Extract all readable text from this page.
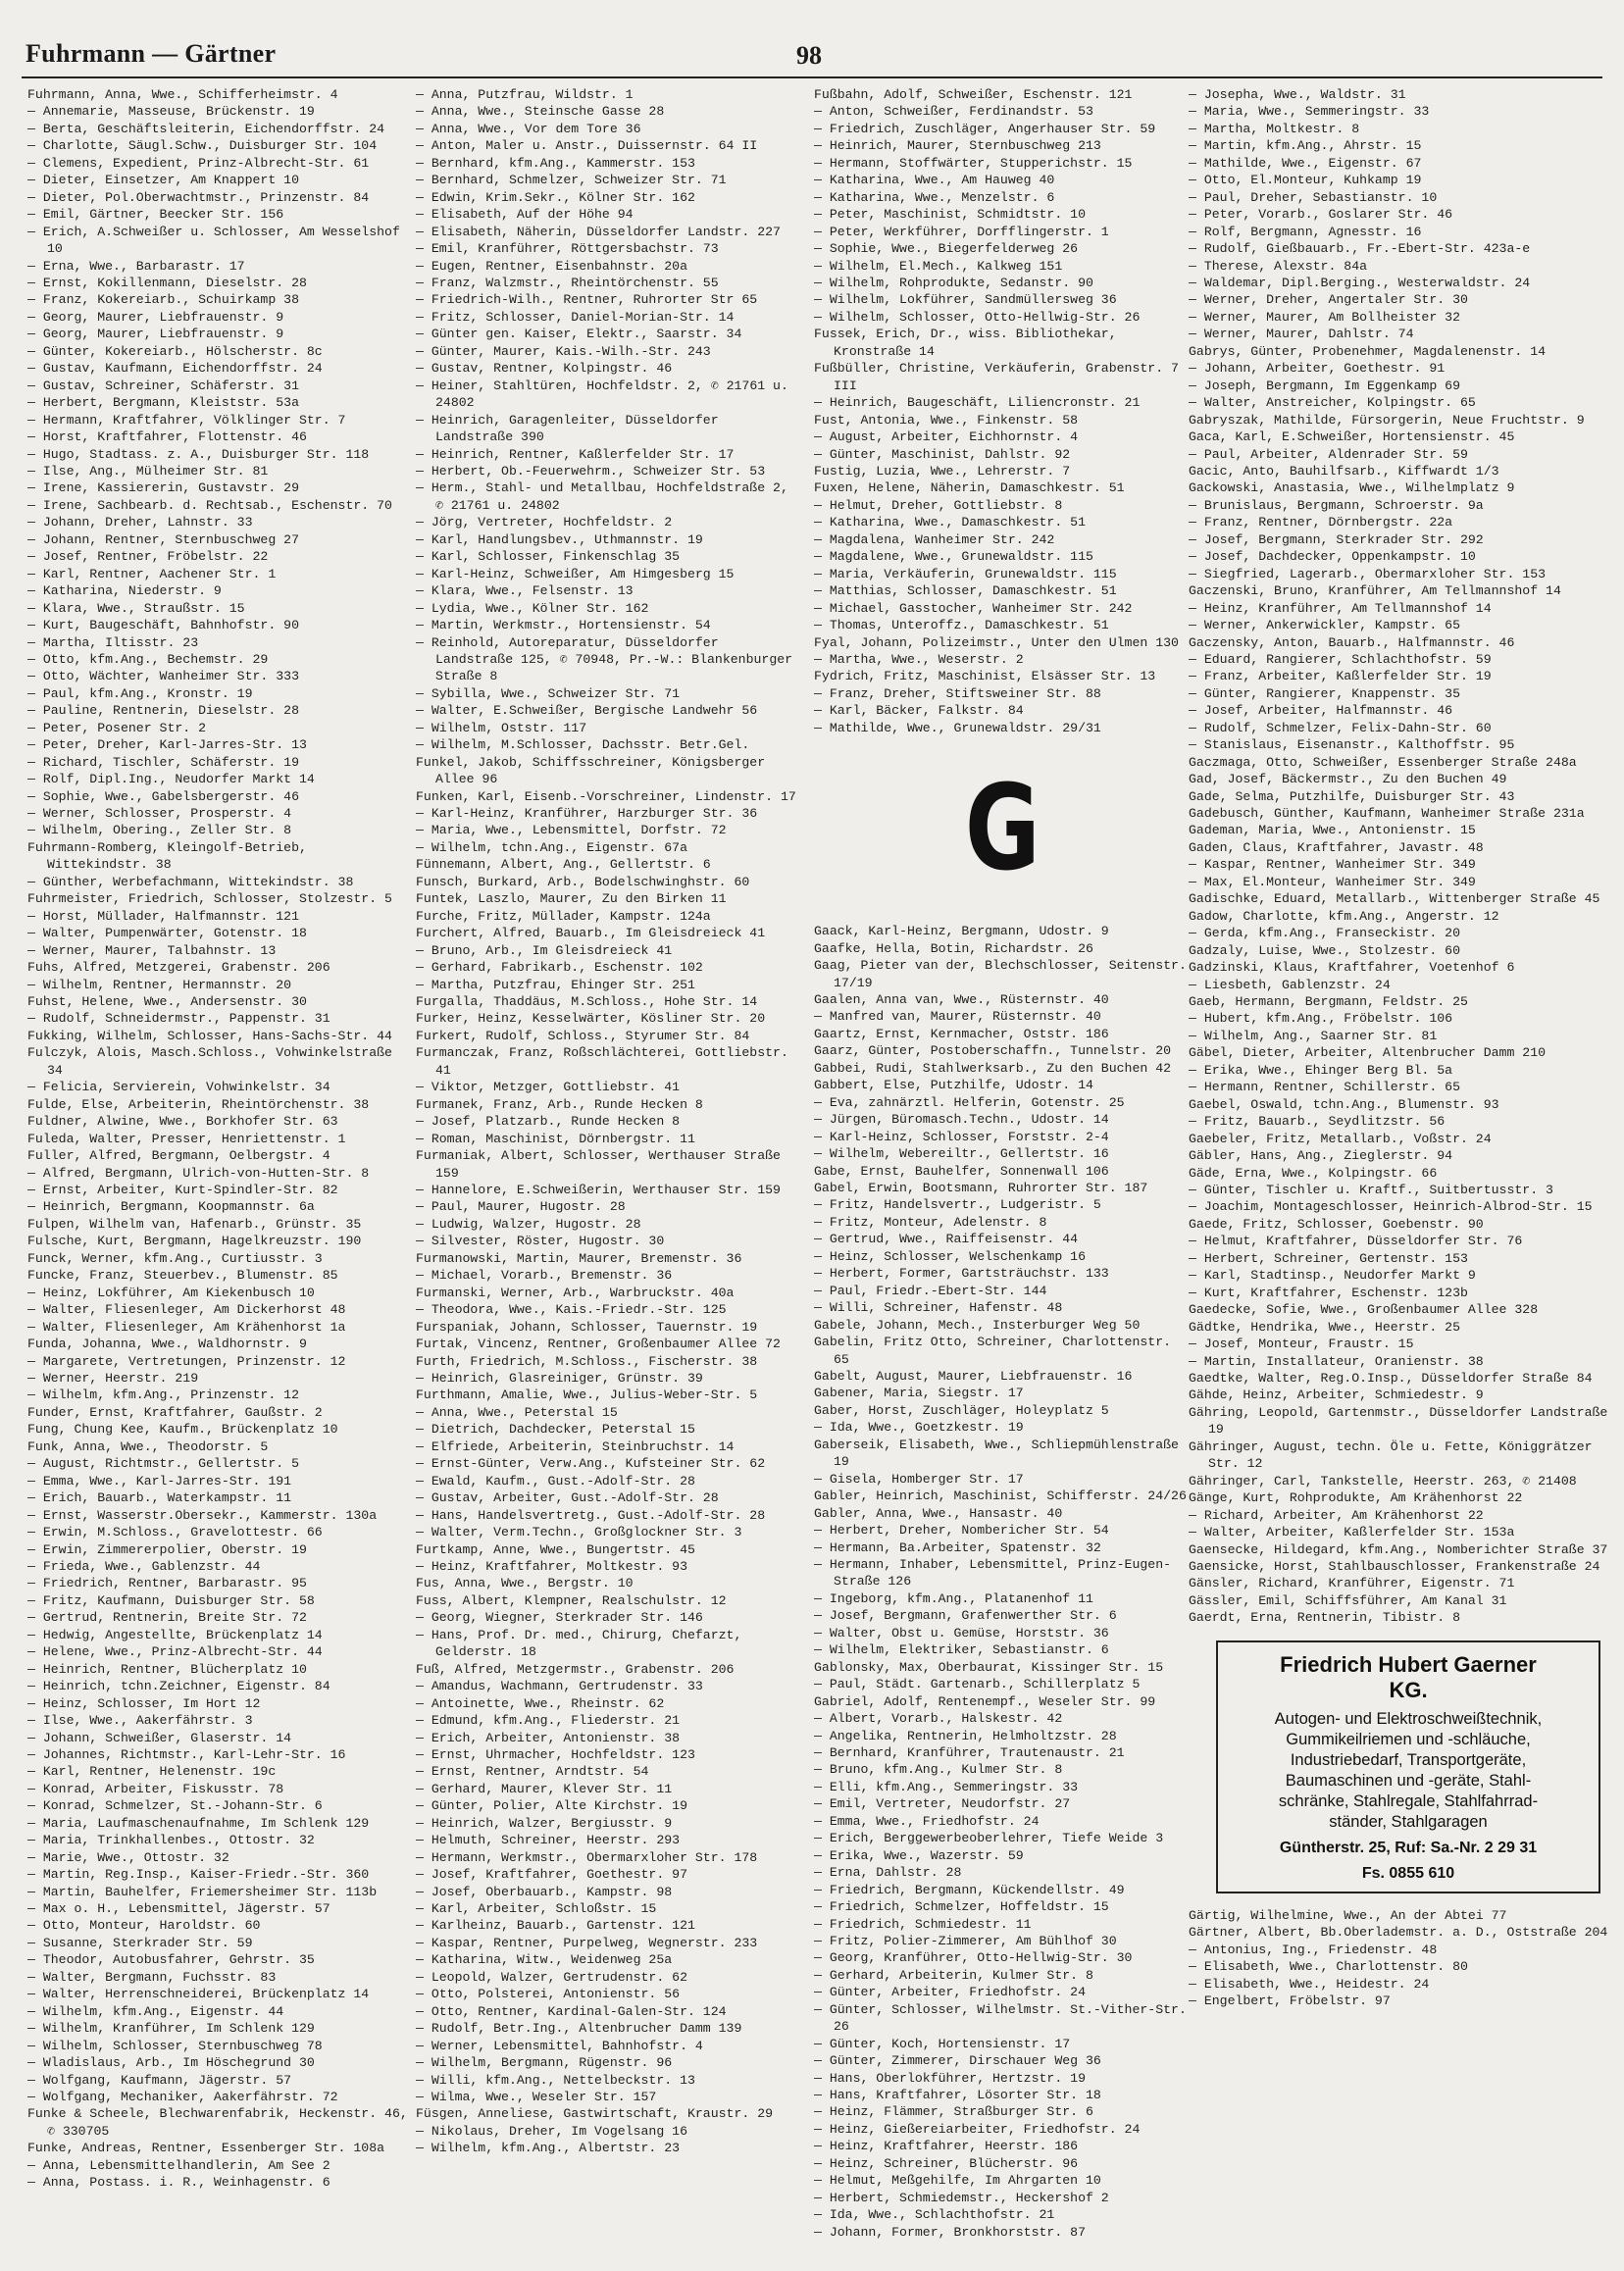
Fuhrmann — Gärtner	98
Fuhrmann, Anna, Wwe., Schifferheimstr. 4
— Annemarie, Masseuse, Brückenstr. 19
— Berta, Geschäftsleiterin, Eichendorffstr. 24
— Charlotte, Säugl.Schw., Duisburger Str. 104
— Clemens, Expedient, Prinz-Albrecht-Str. 61
— Dieter, Einsetzer, Am Knappert 10
— Dieter, Pol.Oberwachtmstr., Prinzenstr. 84
— Emil, Gärtner, Beecker Str. 156
— Erich, A.Schweißer u. Schlosser, Am Wesselshof 10
— Erna, Wwe., Barbarastr. 17
— Ernst, Kokillenmann, Dieselstr. 28
— Franz, Kokereiarb., Schuirkamp 38
— Georg, Maurer, Liebfrauenstr. 9
— Georg, Maurer, Liebfrauenstr. 9
— Günter, Kokereiarb., Hölscherstr. 8c
— Gustav, Kaufmann, Eichendorffstr. 24
— Gustav, Schreiner, Schäferstr. 31
— Herbert, Bergmann, Kleiststr. 53a
— Hermann, Kraftfahrer, Völklinger Str. 7
— Horst, Kraftfahrer, Flottenstr. 46
— Hugo, Stadtass. z. A., Duisburger Str. 118
— Ilse, Ang., Mülheimer Str. 81
— Irene, Kassiererin, Gustavstr. 29
— Irene, Sachbearb. d. Rechtsab., Eschenstr. 70
— Johann, Dreher, Lahnstr. 33
— Johann, Rentner, Sternbuschweg 27
— Josef, Rentner, Fröbelstr. 22
— Karl, Rentner, Aachener Str. 1
— Katharina, Niederstr. 9
— Klara, Wwe., Straußstr. 15
— Kurt, Baugeschäft, Bahnhofstr. 90
— Martha, Iltisstr. 23
— Otto, kfm.Ang., Bechemstr. 29
— Otto, Wächter, Wanheimer Str. 333
— Paul, kfm.Ang., Kronstr. 19
— Pauline, Rentnerin, Dieselstr. 28
— Peter, Posener Str. 2
— Peter, Dreher, Karl-Jarres-Str. 13
— Richard, Tischler, Schäferstr. 19
— Rolf, Dipl.Ing., Neudorfer Markt 14
— Sophie, Wwe., Gabelsbergerstr. 46
— Werner, Schlosser, Prosperstr. 4
— Wilhelm, Obering., Zeller Str. 8
Fuhrmann-Romberg, Kleingolf-Betrieb, Wittekindstr. 38
— Günther, Werbefachmann, Wittekindstr. 38
Fuhrmeister, Friedrich, Schlosser, Stolzestr. 5
— Horst, Müllader, Halfmannstr. 121
— Walter, Pumpenwärter, Gotenstr. 18
— Werner, Maurer, Talbahnstr. 13
Fuhs, Alfred, Metzgerei, Grabenstr. 206
— Wilhelm, Rentner, Hermannstr. 20
Fuhst, Helene, Wwe., Andersenstr. 30
— Rudolf, Schneidermstr., Pappenstr. 31
Fukking, Wilhelm, Schlosser, Hans-Sachs-Str. 44
Fulczyk, Alois, Masch.Schloss., Vohwinkelstraße 34
— Felicia, Servierein, Vohwinkelstr. 34
Fulde, Else, Arbeiterin, Rheintörchenstr. 38
Fuldner, Alwine, Wwe., Borkhofer Str. 63
Fuleda, Walter, Presser, Henriettenstr. 1
Fuller, Alfred, Bergmann, Oelbergstr. 4
— Alfred, Bergmann, Ulrich-von-Hutten-Str. 8
— Ernst, Arbeiter, Kurt-Spindler-Str. 82
— Heinrich, Bergmann, Koopmannstr. 6a
Fulpen, Wilhelm van, Hafenarb., Grünstr. 35
Fulsche, Kurt, Bergmann, Hagelkreuzstr. 190
Funck, Werner, kfm.Ang., Curtiusstr. 3
Funcke, Franz, Steuerbev., Blumenstr. 85
— Heinz, Lokführer, Am Kiekenbusch 10
— Walter, Fliesenleger, Am Dickerhorst 48
— Walter, Fliesenleger, Am Krähenhorst 1a
Funda, Johanna, Wwe., Waldhornstr. 9
— Margarete, Vertretungen, Prinzenstr. 12
— Werner, Heerstr. 219
— Wilhelm, kfm.Ang., Prinzenstr. 12
Funder, Ernst, Kraftfahrer, Gaußstr. 2
Fung, Chung Kee, Kaufm., Brückenplatz 10
Funk, Anna, Wwe., Theodorstr. 5
— August, Richtmstr., Gellertstr. 5
— Emma, Wwe., Karl-Jarres-Str. 191
— Erich, Bauarb., Waterkampstr. 11
— Ernst, Wasserstr.Obersekr., Kammerstr. 130a
— Erwin, M.Schloss., Gravelottestr. 66
— Erwin, Zimmererpolier, Oberstr. 19
— Frieda, Wwe., Gablenzstr. 44
— Friedrich, Rentner, Barbarastr. 95
— Fritz, Kaufmann, Duisburger Str. 58
— Gertrud, Rentnerin, Breite Str. 72
— Hedwig, Angestellte, Brückenplatz 14
— Helene, Wwe., Prinz-Albrecht-Str. 44
— Heinrich, Rentner, Blücherplatz 10
— Heinrich, tchn.Zeichner, Eigenstr. 84
— Heinz, Schlosser, Im Hort 12
— Ilse, Wwe., Aakerfährstr. 3
— Johann, Schweißer, Glaserstr. 14
— Johannes, Richtmstr., Karl-Lehr-Str. 16
— Karl, Rentner, Helenenstr. 19c
— Konrad, Arbeiter, Fiskusstr. 78
— Konrad, Schmelzer, St.-Johann-Str. 6
— Maria, Laufmaschenaufnahme, Im Schlenk 129
— Maria, Trinkhallenbes., Ottostr. 32
— Marie, Wwe., Ottostr. 32
— Martin, Reg.Insp., Kaiser-Friedr.-Str. 360
— Martin, Bauhelfer, Friemersheimer Str. 113b
— Max o. H., Lebensmittel, Jägerstr. 57
— Otto, Monteur, Haroldstr. 60
— Susanne, Sterkrader Str. 59
— Theodor, Autobusfahrer, Gehrstr. 35
— Walter, Bergmann, Fuchsstr. 83
— Walter, Herrenschneiderei, Brückenplatz 14
— Wilhelm, kfm.Ang., Eigenstr. 44
— Wilhelm, Kranführer, Im Schlenk 129
— Wilhelm, Schlosser, Sternbuschweg 78
— Wladislaus, Arb., Im Höschegrund 30
— Wolfgang, Kaufmann, Jägerstr. 57
— Wolfgang, Mechaniker, Aakerfährstr. 72
Funke & Scheele, Blechwarenfabrik, Heckenstr. 46, ✆ 330705
Funke, Andreas, Rentner, Essenberger Str. 108a
— Anna, Lebensmittelhandlerin, Am See 2
— Anna, Postass. i. R., Weinhagenstr. 6
— Anna, Putzfrau, Wildstr. 1
— Anna, Wwe., Steinsche Gasse 28
— Anna, Wwe., Vor dem Tore 36
— Anton, Maler u. Anstr., Duissernstr. 64 II
— Bernhard, kfm.Ang., Kammerstr. 153
— Bernhard, Schmelzer, Schweizer Str. 71
— Edwin, Krim.Sekr., Kölner Str. 162
— Elisabeth, Auf der Höhe 94
— Elisabeth, Näherin, Düsseldorfer Landstr. 227
— Emil, Kranführer, Röttgersbachstr. 73
— Eugen, Rentner, Eisenbahnstr. 20a
— Franz, Walzmstr., Rheintörchenstr. 55
— Friedrich-Wilh., Rentner, Ruhrorter Str 65
— Fritz, Schlosser, Daniel-Morian-Str. 14
— Günter gen. Kaiser, Elektr., Saarstr. 34
— Günter, Maurer, Kais.-Wilh.-Str. 243
— Gustav, Rentner, Kolpingstr. 46
— Heiner, Stahltüren, Hochfeldstr. 2, ✆ 21761 u. 24802
— Heinrich, Garagenleiter, Düsseldorfer Landstraße 390
— Heinrich, Rentner, Kaßlerfelder Str. 17
— Herbert, Ob.-Feuerwehrm., Schweizer Str. 53
— Herm., Stahl- und Metallbau, Hochfeldstraße 2, ✆ 21761 u. 24802
— Jörg, Vertreter, Hochfeldstr. 2
— Karl, Handlungsbev., Uthmannstr. 19
— Karl, Schlosser, Finkenschlag 35
— Karl-Heinz, Schweißer, Am Himgesberg 15
— Klara, Wwe., Felsenstr. 13
— Lydia, Wwe., Kölner Str. 162
— Martin, Werkmstr., Hortensienstr. 54
— Reinhold, Autoreparatur, Düsseldorfer Landstraße 125, ✆ 70948, Pr.-W.: Blankenburger Straße 8
— Sybilla, Wwe., Schweizer Str. 71
— Walter, E.Schweißer, Bergische Landwehr 56
— Wilhelm, Oststr. 117
— Wilhelm, M.Schlosser, Dachsstr. Betr.Gel.
Funkel, Jakob, Schiffsschreiner, Königsberger Allee 96
Funken, Karl, Eisenb.-Vorschreiner, Lindenstr. 17
— Karl-Heinz, Kranführer, Harzburger Str. 36
— Maria, Wwe., Lebensmittel, Dorfstr. 72
— Wilhelm, tchn.Ang., Eigenstr. 67a
Fünnemann, Albert, Ang., Gellertstr. 6
Funsch, Burkard, Arb., Bodelschwinghstr. 60
Funtek, Laszlo, Maurer, Zu den Birken 11
Furche, Fritz, Müllader, Kampstr. 124a
Furchert, Alfred, Bauarb., Im Gleisdreieck 41
— Bruno, Arb., Im Gleisdreieck 41
— Gerhard, Fabrikarb., Eschenstr. 102
— Martha, Putzfrau, Ehinger Str. 251
Furgalla, Thaddäus, M.Schloss., Hohe Str. 14
Furker, Heinz, Kesselwärter, Kösliner Str. 20
Furkert, Rudolf, Schloss., Styrumer Str. 84
Furmanczak, Franz, Roßschlächterei, Gottliebstr. 41
— Viktor, Metzger, Gottliebstr. 41
Furmanek, Franz, Arb., Runde Hecken 8
— Josef, Platzarb., Runde Hecken 8
— Roman, Maschinist, Dörnbergstr. 11
Furmaniak, Albert, Schlosser, Werthauser Straße 159
— Hannelore, E.Schweißerin, Werthauser Str. 159
— Paul, Maurer, Hugostr. 28
— Ludwig, Walzer, Hugostr. 28
— Silvester, Röster, Hugostr. 30
Furmanowski, Martin, Maurer, Bremenstr. 36
— Michael, Vorarb., Bremenstr. 36
Furmanski, Werner, Arb., Warbruckstr. 40a
— Theodora, Wwe., Kais.-Friedr.-Str. 125
Furspaniak, Johann, Schlosser, Tauernstr. 19
Furtak, Vincenz, Rentner, Großenbaumer Allee 72
Furth, Friedrich, M.Schloss., Fischerstr. 38
— Heinrich, Glasreiniger, Grünstr. 39
Furthmann, Amalie, Wwe., Julius-Weber-Str. 5
— Anna, Wwe., Peterstal 15
— Dietrich, Dachdecker, Peterstal 15
— Elfriede, Arbeiterin, Steinbruchstr. 14
— Ernst-Günter, Verw.Ang., Kufsteiner Str. 62
— Ewald, Kaufm., Gust.-Adolf-Str. 28
— Gustav, Arbeiter, Gust.-Adolf-Str. 28
— Hans, Handelsvertretg., Gust.-Adolf-Str. 28
— Walter, Verm.Techn., Großglockner Str. 3
Furtkamp, Anne, Wwe., Bungertstr. 45
— Heinz, Kraftfahrer, Moltkestr. 93
Fus, Anna, Wwe., Bergstr. 10
Fuss, Albert, Klempner, Realschulstr. 12
— Georg, Wiegner, Sterkrader Str. 146
— Hans, Prof. Dr. med., Chirurg, Chefarzt, Gelderstr. 18
Fuß, Alfred, Metzgermstr., Grabenstr. 206
— Amandus, Wachmann, Gertrudenstr. 33
— Antoinette, Wwe., Rheinstr. 62
— Edmund, kfm.Ang., Fliederstr. 21
— Erich, Arbeiter, Antonienstr. 38
— Ernst, Uhrmacher, Hochfeldstr. 123
— Ernst, Rentner, Arndtstr. 54
— Gerhard, Maurer, Klever Str. 11
— Günter, Polier, Alte Kirchstr. 19
— Heinrich, Walzer, Bergiusstr. 9
— Helmuth, Schreiner, Heerstr. 293
— Hermann, Werkmstr., Obermarxloher Str. 178
— Josef, Kraftfahrer, Goethestr. 97
— Josef, Oberbauarb., Kampstr. 98
— Karl, Arbeiter, Schloßstr. 15
— Karlheinz, Bauarb., Gartenstr. 121
— Kaspar, Rentner, Purpelweg, Wegnerstr. 233
— Katharina, Witw., Weidenweg 25a
— Leopold, Walzer, Gertrudenstr. 62
— Otto, Polsterei, Antonienstr. 56
— Otto, Rentner, Kardinal-Galen-Str. 124
— Rudolf, Betr.Ing., Altenbrucher Damm 139
— Werner, Lebensmittel, Bahnhofstr. 4
— Wilhelm, Bergmann, Rügenstr. 96
— Willi, kfm.Ang., Nettelbeckstr. 13
— Wilma, Wwe., Weseler Str. 157
Füsgen, Anneliese, Gastwirtschaft, Kraustr. 29
— Nikolaus, Dreher, Im Vogelsang 16
— Wilhelm, kfm.Ang., Albertstr. 23
Fußbahn, Adolf, Schweißer, Eschenstr. 121
— Anton, Schweißer, Ferdinandstr. 53
— Friedrich, Zuschläger, Angerhauser Str. 59
— Heinrich, Maurer, Sternbuschweg 213
— Hermann, Stoffwärter, Stupperichstr. 15
— Katharina, Wwe., Am Hauweg 40
— Katharina, Wwe., Menzelstr. 6
— Peter, Maschinist, Schmidtstr. 10
— Peter, Werkführer, Dorfflingerstr. 1
— Sophie, Wwe., Biegerfelderweg 26
— Wilhelm, El.Mech., Kalkweg 151
— Wilhelm, Rohprodukte, Sedanstr. 90
— Wilhelm, Lokführer, Sandmüllersweg 36
— Wilhelm, Schlosser, Otto-Hellwig-Str. 26
Fussek, Erich, Dr., wiss. Bibliothekar, Kronstraße 14
Fußbüller, Christine, Verkäuferin, Grabenstr. 7 III
— Heinrich, Baugeschäft, Liliencronstr. 21
Fust, Antonia, Wwe., Finkenstr. 58
— August, Arbeiter, Eichhornstr. 4
— Günter, Maschinist, Dahlstr. 92
Fustig, Luzia, Wwe., Lehrerstr. 7
Fuxen, Helene, Näherin, Damaschkestr. 51
— Helmut, Dreher, Gottliebstr. 8
— Katharina, Wwe., Damaschkestr. 51
— Magdalena, Wanheimer Str. 242
— Magdalene, Wwe., Grunewaldstr. 115
— Maria, Verkäuferin, Grunewaldstr. 115
— Matthias, Schlosser, Damaschkestr. 51
— Michael, Gasstocher, Wanheimer Str. 242
— Thomas, Unteroffz., Damaschkestr. 51
Fyal, Johann, Polizeimstr., Unter den Ulmen 130
— Martha, Wwe., Weserstr. 2
Fydrich, Fritz, Maschinist, Elsässer Str. 13
— Franz, Dreher, Stiftsweiner Str. 88
— Karl, Bäcker, Falkstr. 84
— Mathilde, Wwe., Grunewaldstr. 29/31
G
Gaack, Karl-Heinz, Bergmann, Udostr. 9
Gaafke, Hella, Botin, Richardstr. 26
Gaag, Pieter van der, Blechschlosser, Seitenstr. 17/19
Gaalen, Anna van, Wwe., Rüsternstr. 40
— Manfred van, Maurer, Rüsternstr. 40
Gaartz, Ernst, Kernmacher, Oststr. 186
Gaarz, Günter, Postoberschaffn., Tunnelstr. 20
Gabbei, Rudi, Stahlwerksarb., Zu den Buchen 42
Gabbert, Else, Putzhilfe, Udostr. 14
— Eva, zahnärztl. Helferin, Gotenstr. 25
— Jürgen, Büromasch.Techn., Udostr. 14
— Karl-Heinz, Schlosser, Forststr. 2-4
— Wilhelm, Webereiltr., Gellertstr. 16
Gabe, Ernst, Bauhelfer, Sonnenwall 106
Gabel, Erwin, Bootsmann, Ruhrorter Str. 187
— Fritz, Handelsvertr., Ludgeristr. 5
— Fritz, Monteur, Adelenstr. 8
— Gertrud, Wwe., Raiffeisenstr. 44
— Heinz, Schlosser, Welschenkamp 16
— Herbert, Former, Gartsträuchstr. 133
— Paul, Friedr.-Ebert-Str. 144
— Willi, Schreiner, Hafenstr. 48
Gabele, Johann, Mech., Insterburger Weg 50
Gabelin, Fritz Otto, Schreiner, Charlottenstr. 65
Gabelt, August, Maurer, Liebfrauenstr. 16
Gabener, Maria, Siegstr. 17
Gaber, Horst, Zuschläger, Holeyplatz 5
— Ida, Wwe., Goetzkestr. 19
Gaberseik, Elisabeth, Wwe., Schliepmühlenstraße 19
— Gisela, Homberger Str. 17
Gabler, Heinrich, Maschinist, Schifferstr. 24/26
Gabler, Anna, Wwe., Hansastr. 40
— Herbert, Dreher, Nombericher Str. 54
— Hermann, Ba.Arbeiter, Spatenstr. 32
— Hermann, Inhaber, Lebensmittel, Prinz-Eugen-Straße 126
— Ingeborg, kfm.Ang., Platanenhof 11
— Josef, Bergmann, Grafenwerther Str. 6
— Walter, Obst u. Gemüse, Horststr. 36
— Wilhelm, Elektriker, Sebastianstr. 6
Gablonsky, Max, Oberbaurat, Kissinger Str. 15
— Paul, Städt. Gartenarb., Schillerplatz 5
Gabriel, Adolf, Rentenempf., Weseler Str. 99
— Albert, Vorarb., Halskestr. 42
— Angelika, Rentnerin, Helmholtzstr. 28
— Bernhard, Kranführer, Trautenaustr. 21
— Bruno, kfm.Ang., Kulmer Str. 8
— Elli, kfm.Ang., Semmeringstr. 33
— Emil, Vertreter, Neudorfstr. 27
— Emma, Wwe., Friedhofstr. 24
— Erich, Berggewerbeoberlehrer, Tiefe Weide 3
— Erika, Wwe., Wazerstr. 59
— Erna, Dahlstr. 28
— Friedrich, Bergmann, Kückendellstr. 49
— Friedrich, Schmelzer, Hoffeldstr. 15
— Friedrich, Schmiedestr. 11
— Fritz, Polier-Zimmerer, Am Bühlhof 30
— Georg, Kranführer, Otto-Hellwig-Str. 30
— Gerhard, Arbeiterin, Kulmer Str. 8
— Günter, Arbeiter, Friedhofstr. 24
— Günter, Schlosser, Wilhelmstr. St.-Vither-Str. 26
— Günter, Koch, Hortensienstr. 17
— Günter, Zimmerer, Dirschauer Weg 36
— Hans, Oberlokführer, Hertzstr. 19
— Hans, Kraftfahrer, Lösorter Str. 18
— Heinz, Flämmer, Straßburger Str. 6
— Heinz, Gießereiarbeiter, Friedhofstr. 24
— Heinz, Kraftfahrer, Heerstr. 186
— Heinz, Schreiner, Blücherstr. 96
— Helmut, Meßgehilfe, Im Ahrgarten 10
— Herbert, Schmiedemstr., Heckershof 2
— Ida, Wwe., Schlachthofstr. 21
— Johann, Former, Bronkhorststr. 87
— Josepha, Wwe., Waldstr. 31
— Maria, Wwe., Semmeringstr. 33
— Martha, Moltkestr. 8
— Martin, kfm.Ang., Ahrstr. 15
— Mathilde, Wwe., Eigenstr. 67
— Otto, El.Monteur, Kuhkamp 19
— Paul, Dreher, Sebastianstr. 10
— Peter, Vorarb., Goslarer Str. 46
— Rolf, Bergmann, Agnesstr. 16
— Rudolf, Gießbauarb., Fr.-Ebert-Str. 423a-e
— Therese, Alexstr. 84a
— Waldemar, Dipl.Berging., Westerwaldstr. 24
— Werner, Dreher, Angertaler Str. 30
— Werner, Maurer, Am Bollheister 32
— Werner, Maurer, Dahlstr. 74
Gabrys, Günter, Probenehmer, Magdalenenstr. 14
— Johann, Arbeiter, Goethestr. 91
— Joseph, Bergmann, Im Eggenkamp 69
— Walter, Anstreicher, Kolpingstr. 65
Gabryszak, Mathilde, Fürsorgerin, Neue Fruchtstr. 9
Gaca, Karl, E.Schweißer, Hortensienstr. 45
— Paul, Arbeiter, Aldenrader Str. 59
Gacic, Anto, Bauhilfsarb., Kiffwardt 1/3
Gackowski, Anastasia, Wwe., Wilhelmplatz 9
— Brunislaus, Bergmann, Schroerstr. 9a
— Franz, Rentner, Dörnbergstr. 22a
— Josef, Bergmann, Sterkrader Str. 292
— Josef, Dachdecker, Oppenkampstr. 10
— Siegfried, Lagerarb., Obermarxloher Str. 153
Gaczenski, Bruno, Kranführer, Am Tellmannshof 14
— Heinz, Kranführer, Am Tellmannshof 14
— Werner, Ankerwickler, Kampstr. 65
Gaczensky, Anton, Bauarb., Halfmannstr. 46
— Eduard, Rangierer, Schlachthofstr. 59
— Franz, Arbeiter, Kaßlerfelder Str. 19
— Günter, Rangierer, Knappenstr. 35
— Josef, Arbeiter, Halfmannstr. 46
— Rudolf, Schmelzer, Felix-Dahn-Str. 60
— Stanislaus, Eisenanstr., Kalthoffstr. 95
Gaczmaga, Otto, Schweißer, Essenberger Straße 248a
Gad, Josef, Bäckermstr., Zu den Buchen 49
Gade, Selma, Putzhilfe, Duisburger Str. 43
Gadebusch, Günther, Kaufmann, Wanheimer Straße 231a
Gademan, Maria, Wwe., Antonienstr. 15
Gaden, Claus, Kraftfahrer, Javastr. 48
— Kaspar, Rentner, Wanheimer Str. 349
— Max, El.Monteur, Wanheimer Str. 349
Gadischke, Eduard, Metallarb., Wittenberger Straße 45
Gadow, Charlotte, kfm.Ang., Angerstr. 12
— Gerda, kfm.Ang., Franseckistr. 20
Gadzaly, Luise, Wwe., Stolzestr. 60
Gadzinski, Klaus, Kraftfahrer, Voetenhof 6
— Liesbeth, Gablenzstr. 24
Gaeb, Hermann, Bergmann, Feldstr. 25
— Hubert, kfm.Ang., Fröbelstr. 106
— Wilhelm, Ang., Saarner Str. 81
Gäbel, Dieter, Arbeiter, Altenbrucher Damm 210
— Erika, Wwe., Ehinger Berg Bl. 5a
— Hermann, Rentner, Schillerstr. 65
Gaebel, Oswald, tchn.Ang., Blumenstr. 93
— Fritz, Bauarb., Seydlitzstr. 56
Gaebeler, Fritz, Metallarb., Voßstr. 24
Gäbler, Hans, Ang., Zieglerstr. 94
Gäde, Erna, Wwe., Kolpingstr. 66
— Günter, Tischler u. Kraftf., Suitbertusstr. 3
— Joachim, Montageschlosser, Heinrich-Albrod-Str. 15
Gaede, Fritz, Schlosser, Goebenstr. 90
— Helmut, Kraftfahrer, Düsseldorfer Str. 76
— Herbert, Schreiner, Gertenstr. 153
— Karl, Stadtinsp., Neudorfer Markt 9
— Kurt, Kraftfahrer, Eschenstr. 123b
Gaedecke, Sofie, Wwe., Großenbaumer Allee 328
Gädtke, Hendrika, Wwe., Heerstr. 25
— Josef, Monteur, Fraustr. 15
— Martin, Installateur, Oranienstr. 38
Gaedtke, Walter, Reg.O.Insp., Düsseldorfer Straße 84
Gähde, Heinz, Arbeiter, Schmiedestr. 9
Gähring, Leopold, Gartenmstr., Düsseldorfer Landstraße 19
Gähringer, August, techn. Öle u. Fette, Königgrätzer Str. 12
Gähringer, Carl, Tankstelle, Heerstr. 263, ✆ 21408
Gänge, Kurt, Rohprodukte, Am Krähenhorst 22
— Richard, Arbeiter, Am Krähenhorst 22
— Walter, Arbeiter, Kaßlerfelder Str. 153a
Gaensecke, Hildegard, kfm.Ang., Nomberichter Straße 37
Gaensicke, Horst, Stahlbauschlosser, Frankenstraße 24
Gänsler, Richard, Kranführer, Eigenstr. 71
Gässler, Emil, Schiffsführer, Am Kanal 31
Gaerdt, Erna, Rentnerin, Tibistr. 8
Friedrich Hubert Gaerner
KG.
Autogen- und Elektroschweißtechnik,
Gummikeilriemen und -schläuche,
Industriebedarf, Transportgeräte,
Baumaschinen und -geräte, Stahl-
schränke, Stahlregale, Stahlfahrrad-
ständer, Stahlgaragen
Güntherstr. 25, Ruf: Sa.-Nr. 2 29 31
Fs. 0855 610
Gärtig, Wilhelmine, Wwe., An der Abtei 77
Gärtner, Albert, Bb.Oberlademstr. a. D., Oststraße 204
— Antonius, Ing., Friedenstr. 48
— Elisabeth, Wwe., Charlottenstr. 80
— Elisabeth, Wwe., Heidestr. 24
— Engelbert, Fröbelstr. 97
